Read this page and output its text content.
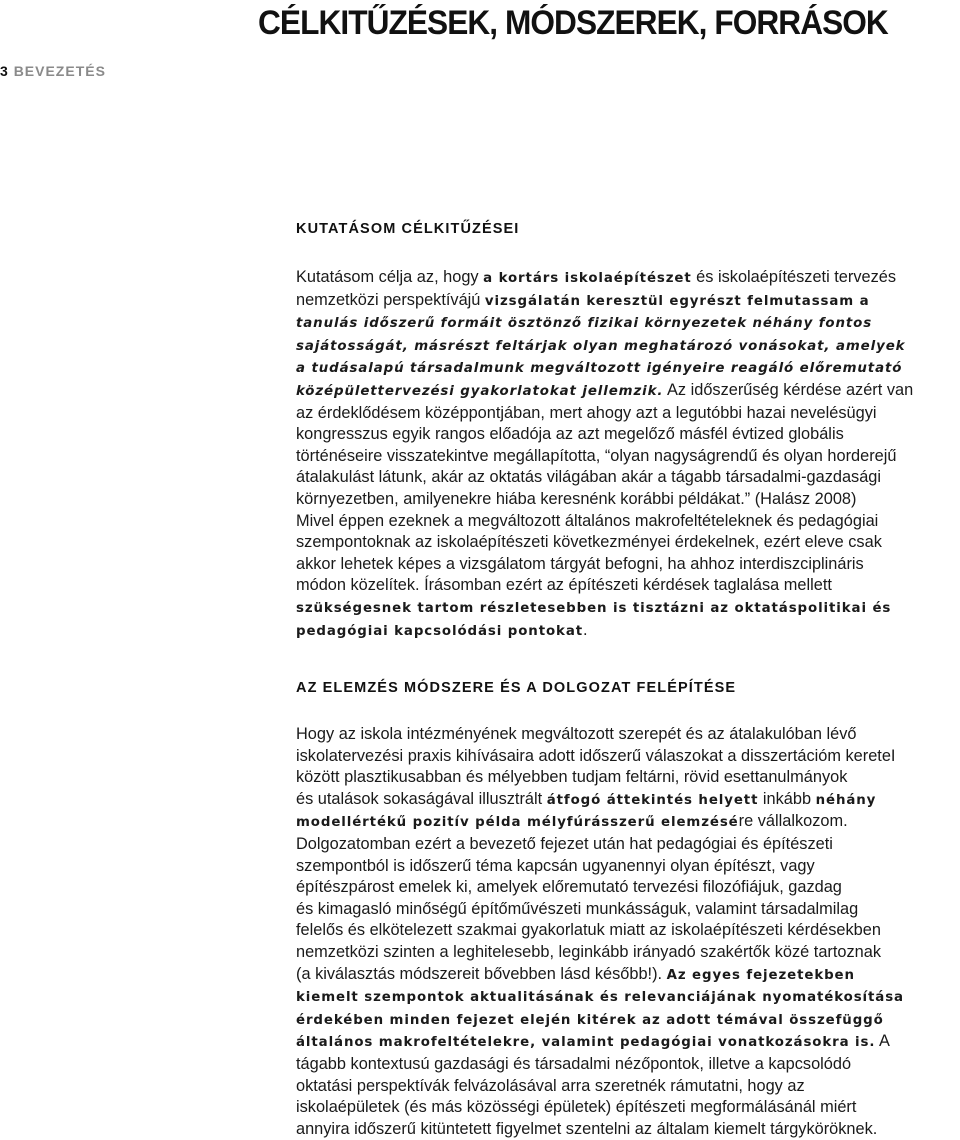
CÉLKITŰZÉSEK, MÓDSZEREK, FORRÁSOK
3 BEVEZETÉS
KUTATÁSOM CÉLKITŰZÉSEI
Kutatásom célja az, hogy a kortárs iskolaépítészet és iskolaépítészeti tervezés
nemzetközi perspektívájú vizsgálatán keresztül egyrészt felmutassam a
tanulás időszerű formáit ösztönző fizikai környezetek néhány fontos
sajátosságát, másrészt feltárjak olyan meghatározó vonásokat, amelyek
a tudásalapú társadalmunk megváltozott igényeire reagáló előremutató
középülettervezési gyakorlatokat jellemzik. Az időszerűség kérdése azért van
az érdeklődésem középpontjában, mert ahogy azt a legutóbbi hazai nevelésügyi
kongresszus egyik rangos előadója az azt megelőző másfél évtized globális
történéseire visszatekintve megállapította, “olyan nagyságrendű és olyan horderejű
átalakulást látunk, akár az oktatás világában akár a tágabb társadalmi-gazdasági
környezetben, amilyenekre hiába keresnénk korábbi példákat.” (Halász 2008)
Mivel éppen ezeknek a megváltozott általános makrofeltételeknek és pedagógiai
szempontoknak az iskolaépítészeti következményei érdekelnek, ezért eleve csak
akkor lehetek képes a vizsgálatom tárgyát befogni, ha ahhoz interdiszciplináris
módon közelítek. Írásomban ezért az építészeti kérdések taglalása mellett
szükségesnek tartom részletesebben is tisztázni az oktatáspolitikai és
pedagógiai kapcsolódási pontokat.
AZ ELEMZÉS MÓDSZERE ÉS A DOLGOZAT FELÉPÍTÉSE
Hogy az iskola intézményének megváltozott szerepét és az átalakulóban lévő
iskolatervezési praxis kihívásaira adott időszerű válaszokat a disszertációm kereteI
között plasztikusabban és mélyebben tudjam feltárni, rövid esettanulmányok
és utalások sokaságával illusztrált átfogó áttekintés helyett inkább néhány
modellértékű pozitív példa mélyfúrásszerű elemzésére vállalkozom.
Dolgozatomban ezért a bevezető fejezet után hat pedagógiai és építészeti
szempontból is időszerű téma kapcsán ugyanennyi olyan építészt, vagy
építészpárost emelek ki, amelyek előremutató tervezési filozófiájuk, gazdag
és kimagasló minőségű építőművészeti munkásságuk, valamint társadalmilag
felelős és elkötelezett szakmai gyakorlatuk miatt az iskolaépítészeti kérdésekben
nemzetközi szinten a leghitelesebb, leginkább irányadó szakértők közé tartoznak
(a kiválasztás módszereit bővebben lásd később!). Az egyes fejezetekben
kiemelt szempontok aktualitásának és relevanciájának nyomatékosítása
érdekében minden fejezet elején kitérek az adott témával összefüggő
általános makrofeltételekre, valamint pedagógiai vonatkozásokra is. A
tágabb kontextusú gazdasági és társadalmi nézőpontok, illetve a kapcsolódó
oktatási perspektívák felvázolásával arra szeretnék rámutatni, hogy az
iskolaépületek (és más közösségi épületek) építészeti megformálásánál miért
annyira időszerű kitüntetett figyelmet szentelni az általam kiemelt tárgyköröknek.
